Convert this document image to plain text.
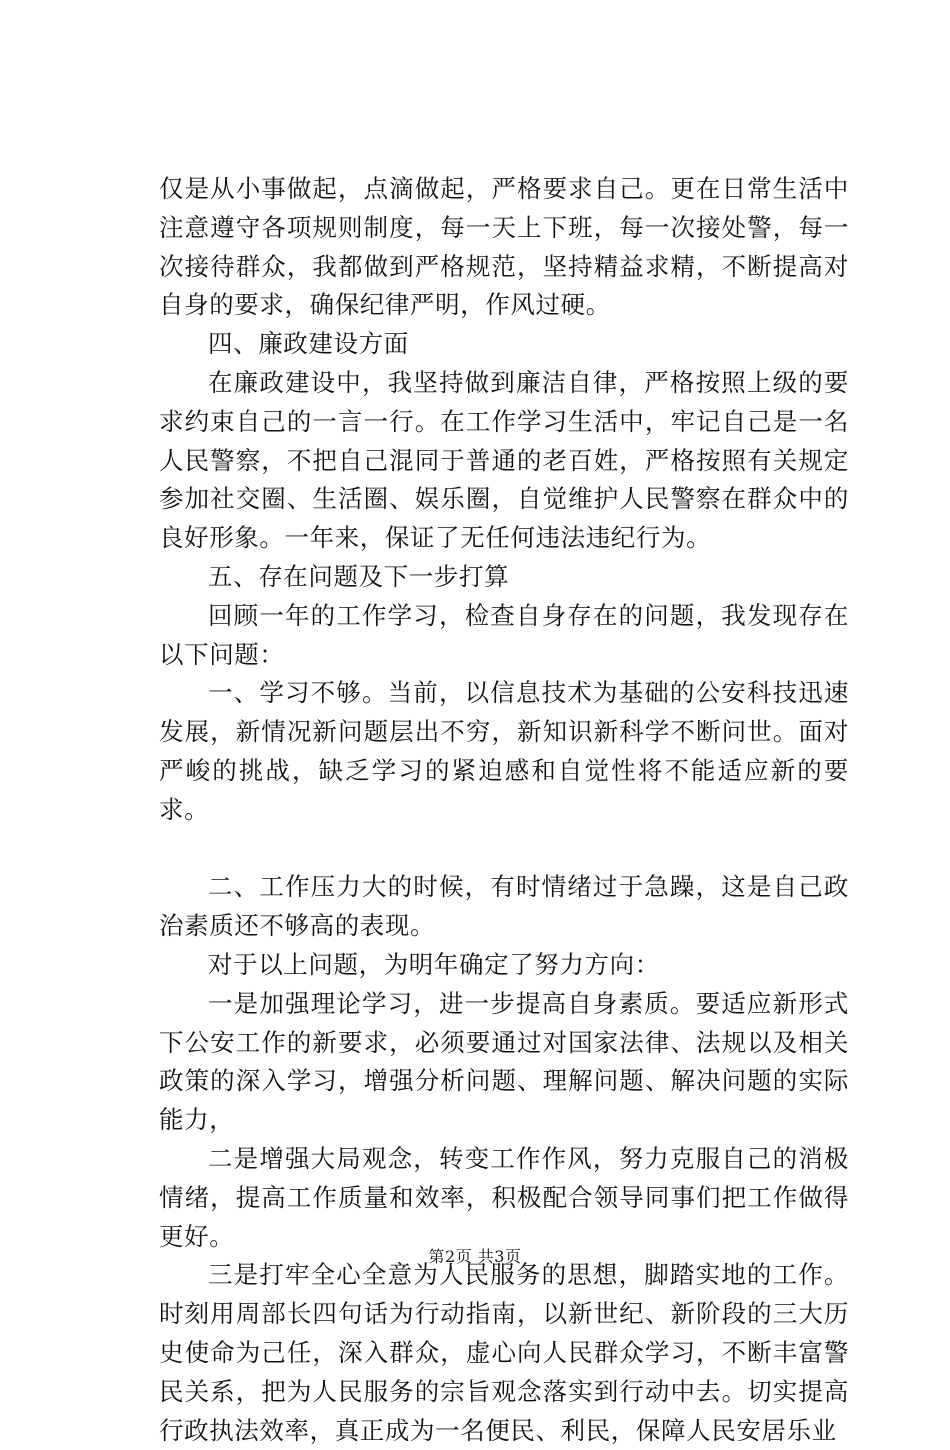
仅是从小事做起，点滴做起，严格要求自己。更在日常生活中注意遵守各项规则制度，每一天上下班，每一次接处警，每一次接待群众，我都做到严格规范，坚持精益求精，不断提高对自身的要求，确保纪律严明，作风过硬。

四、廉政建设方面

在廉政建设中，我坚持做到廉洁自律，严格按照上级的要求约束自己的一言一行。在工作学习生活中，牢记自己是一名人民警察，不把自己混同于普通的老百姓，严格按照有关规定参加社交圈、生活圈、娱乐圈，自觉维护人民警察在群众中的良好形象。一年来，保证了无任何违法违纪行为。

五、存在问题及下一步打算

回顾一年的工作学习，检查自身存在的问题，我发现存在以下问题：

一、学习不够。当前，以信息技术为基础的公安科技迅速发展，新情况新问题层出不穷，新知识新科学不断问世。面对严峻的挑战，缺乏学习的紧迫感和自觉性将不能适应新的要求。

二、工作压力大的时候，有时情绪过于急躁，这是自己政治素质还不够高的表现。

对于以上问题，为明年确定了努力方向：

一是加强理论学习，进一步提高自身素质。要适应新形式下公安工作的新要求，必须要通过对国家法律、法规以及相关政策的深入学习，增强分析问题、理解问题、解决问题的实际能力，

二是增强大局观念，转变工作作风，努力克服自己的消极情绪，提高工作质量和效率，积极配合领导同事们把工作做得更好。

三是打牢全心全意为人民服务的思想，脚踏实地的工作。时刻用周部长四句话为行动指南，以新世纪、新阶段的三大历史使命为己任，深入群众，虚心向人民群众学习，不断丰富警民关系，把为人民服务的宗旨观念落实到行动中去。切实提高行政执法效率，真正成为一名便民、利民，保障人民安居乐业

第2页 共3页
